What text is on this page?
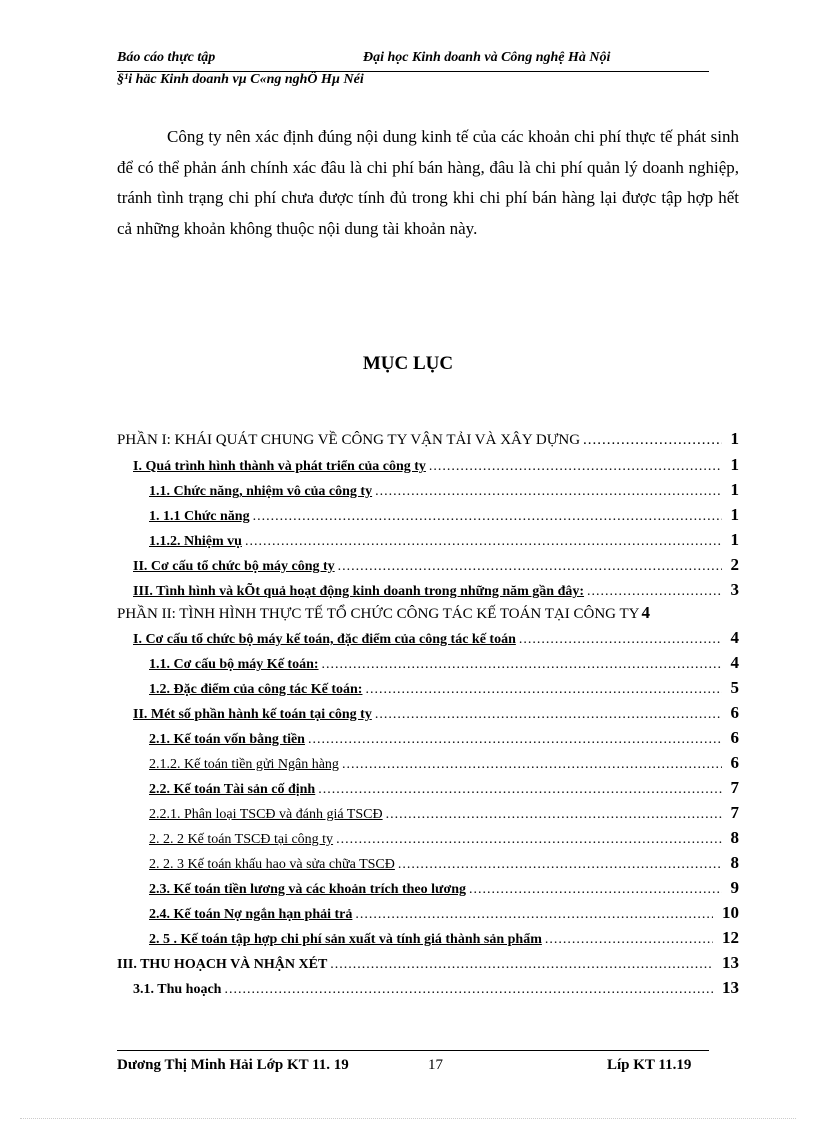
Báo cáo thực tập	Đại học Kinh doanh và Công nghệ Hà Nội
§¹i häc Kinh doanh vµ C«ng nghÖ Hµ Néi

Công ty nên xác định đúng nội dung kinh tế của các khoản chi phí thực tế phát sinh để có thể phản ánh chính xác đâu là chi phí bán hàng, đâu là chi phí quản lý doanh nghiệp, tránh tình trạng chi phí chưa được tính đủ trong khi chi phí bán hàng lại được tập hợp hết cả những khoản không thuộc nội dung tài khoản này.

MỤC LỤC
PHẦN I: KHÁI QUÁT CHUNG VỀ CÔNG TY VẬN TẢI VÀ XÂY DỰNG .....	1
I. Quá trình hình thành và phát triển của công ty .....	1
1.1. Chức năng, nhiệm vô của công ty .....	1
1. 1.1 Chức năng .....	1
1.1.2. Nhiệm vụ .....	1
II. Cơ cấu tổ chức bộ máy công ty .....	2
III. Tình hình và kÕt quả hoạt động kinh doanh trong những năm gần đây: .....	3
PHẦN II: TÌNH HÌNH THỰC TẾ TỔ CHỨC CÔNG TÁC KẾ TOÁN TẠI CÔNG TY 4
I. Cơ cấu tổ chức bộ máy kế toán, đặc điểm của công tác kế toán .....	4
1.1. Cơ cấu bộ máy Kế toán: .....	4
1.2. Đặc điểm của công tác Kế toán: .....	5
II. Mét số phần hành kế toán tại công ty .....	6
2.1. Kế toán vốn bằng tiền .....	6
2.1.2. Kế toán tiền gửi Ngân hàng .....	6
2.2. Kế toán Tài sản cố định .....	7
2.2.1. Phân loại TSCĐ và đánh giá TSCĐ .....	7
2. 2. 2 Kế toán TSCĐ tại công ty .....	8
2. 2. 3 Kế toán khấu hao và sửa chữa TSCĐ .....	8
2.3. Kế toán tiền lương và các khoản trích theo lương .....	9
2.4. Kế toán Nợ ngắn hạn phải trả .....	10
2. 5 . Kế toán tập hợp chi phí sản xuất và tính giá thành sản phẩm .....	12
III. THU HOẠCH VÀ NHẬN XÉT .....	13
3.1. Thu hoạch .....	13
Dương Thị Minh Hải Lớp KT 11. 19	17	Líp KT 11.19
